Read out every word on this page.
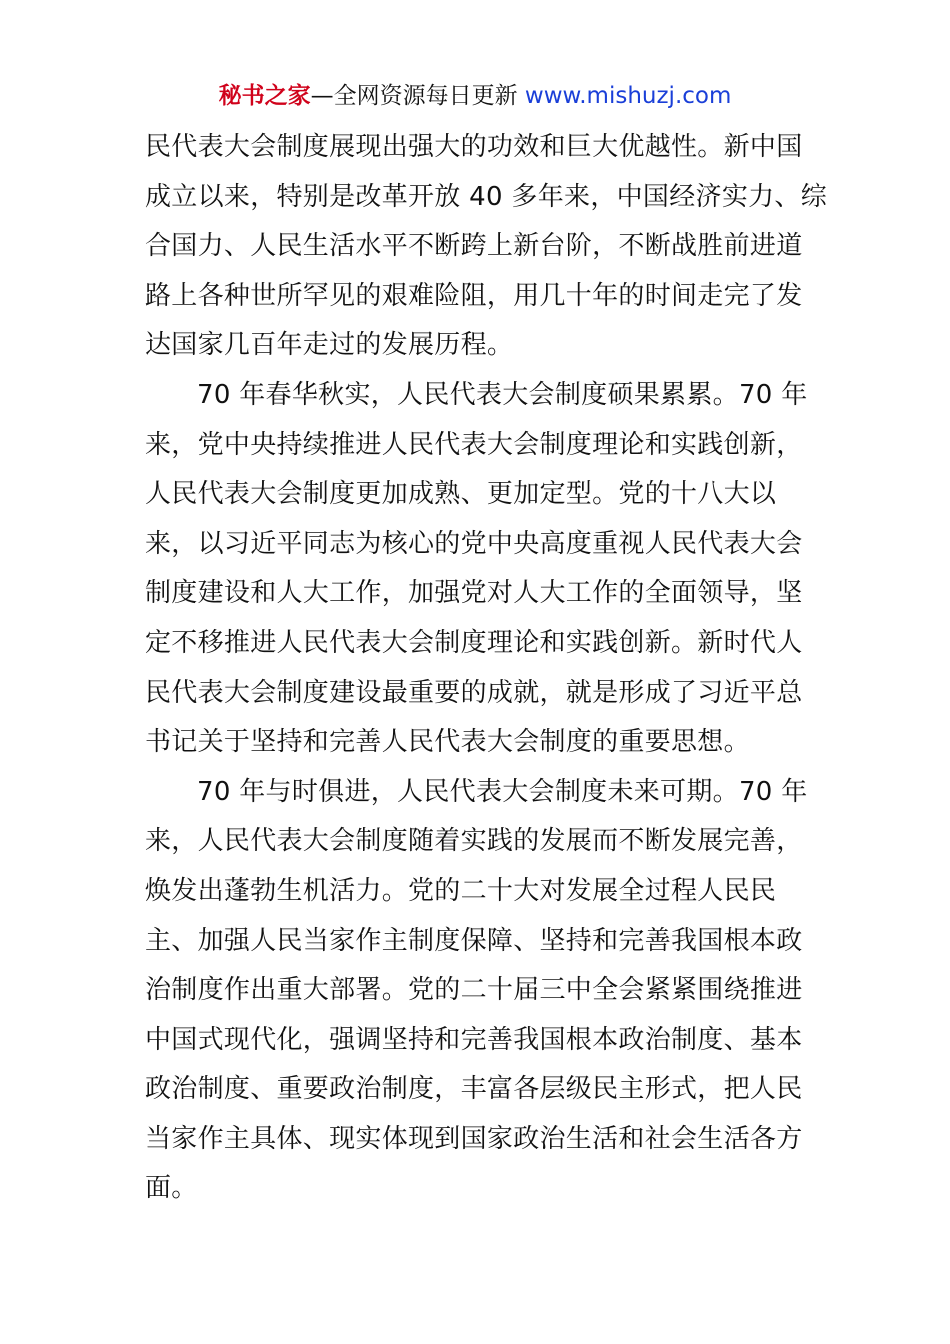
秘书之家—全网资源每日更新 www.mishuzj.com
民代表大会制度展现出强大的功效和巨大优越性。新中国
成立以来，特别是改革开放 40 多年来，中国经济实力、综
合国力、人民生活水平不断跨上新台阶，不断战胜前进道
路上各种世所罕见的艰难险阻，用几十年的时间走完了发
达国家几百年走过的发展历程。
70 年春华秋实，人民代表大会制度硕果累累。70 年
来，党中央持续推进人民代表大会制度理论和实践创新，
人民代表大会制度更加成熟、更加定型。党的十八大以
来，以习近平同志为核心的党中央高度重视人民代表大会
制度建设和人大工作，加强党对人大工作的全面领导，坚
定不移推进人民代表大会制度理论和实践创新。新时代人
民代表大会制度建设最重要的成就，就是形成了习近平总
书记关于坚持和完善人民代表大会制度的重要思想。
70 年与时俱进，人民代表大会制度未来可期。70 年
来，人民代表大会制度随着实践的发展而不断发展完善，
焕发出蓬勃生机活力。党的二十大对发展全过程人民民
主、加强人民当家作主制度保障、坚持和完善我国根本政
治制度作出重大部署。党的二十届三中全会紧紧围绕推进
中国式现代化，强调坚持和完善我国根本政治制度、基本
政治制度、重要政治制度，丰富各层级民主形式，把人民
当家作主具体、现实体现到国家政治生活和社会生活各方
面。
